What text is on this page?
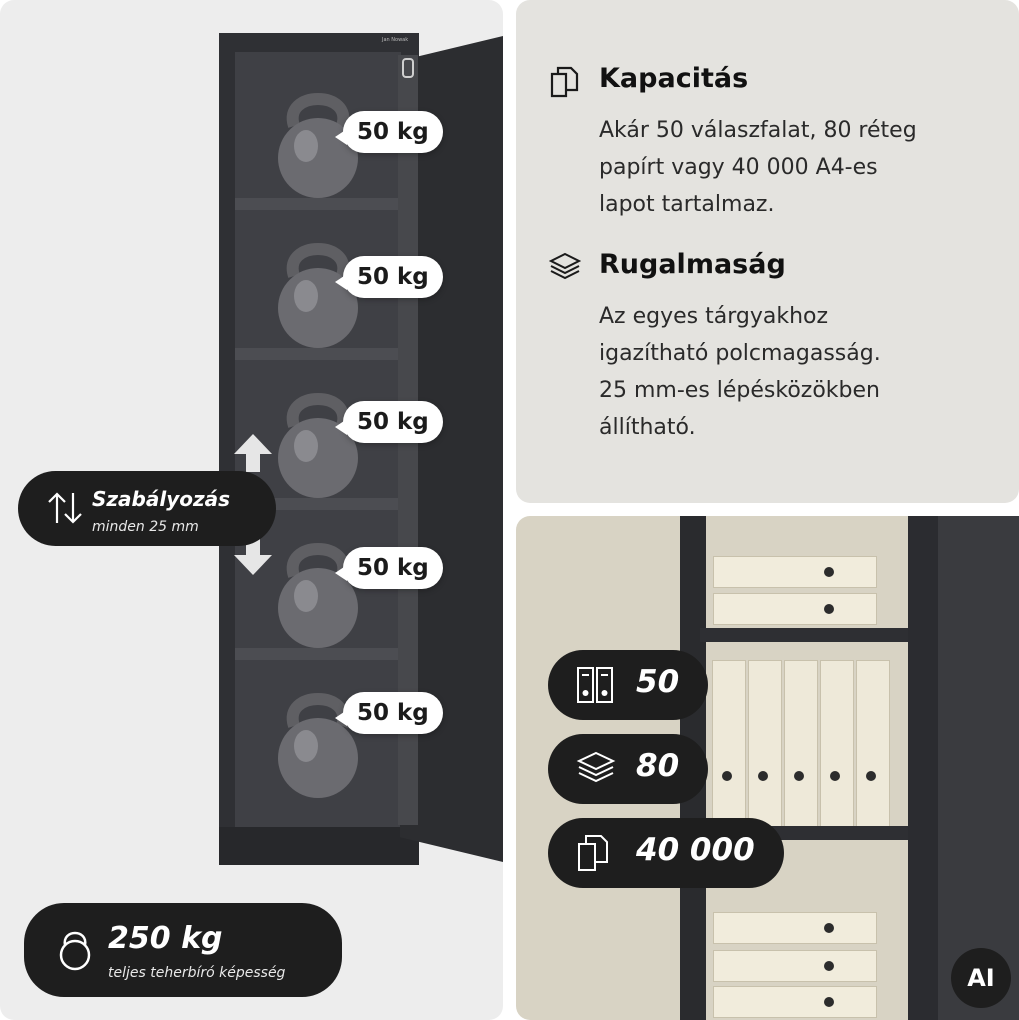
Jan Nowak
50 kg
50 kg
50 kg
50 kg
50 kg
Szabályozás
minden 25 mm
250 kg
teljes teherbíró képesség
Kapacitás
Akár 50 válaszfalat, 80 réteg
papírt vagy 40 000 A4-es
lapot tartalmaz.
Rugalmaság
Az egyes tárgyakhoz
igazítható polcmagasság.
25 mm-es lépésközökben
állítható.
50
80
40 000
AI
